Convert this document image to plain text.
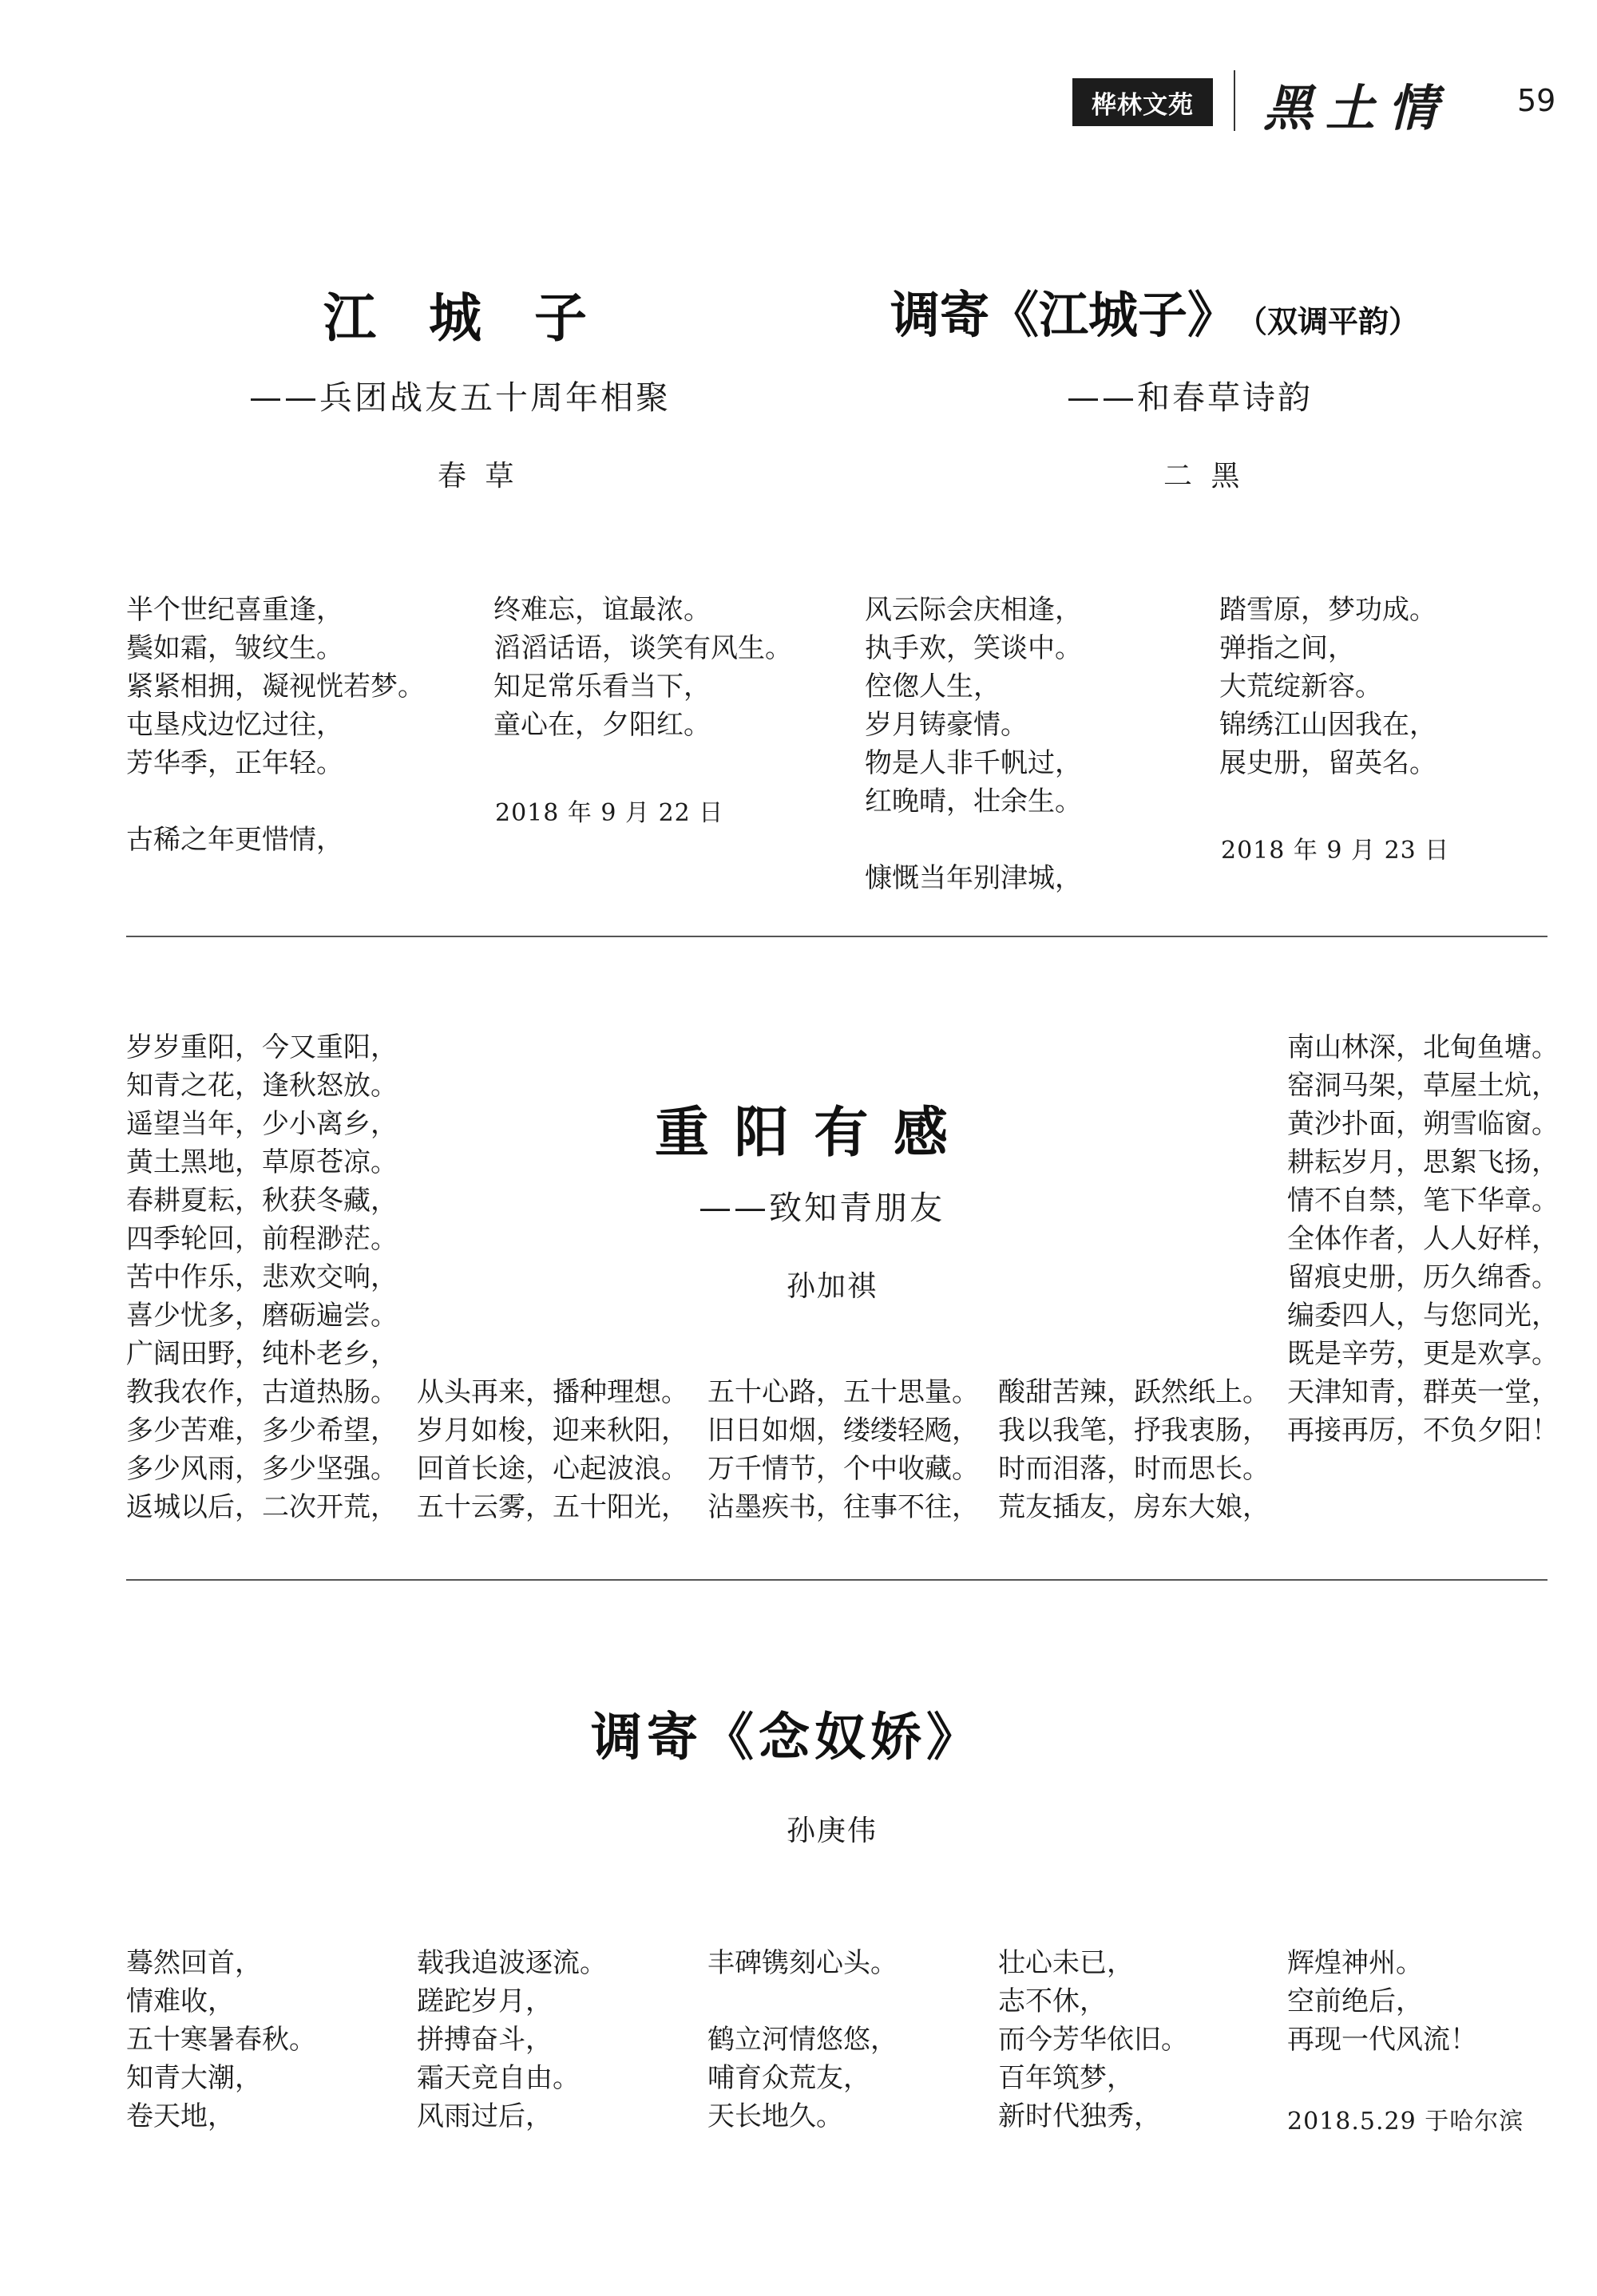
桦林文苑	黑土情 59
江　城　子
——兵团战友五十周年相聚
春 草
半个世纪喜重逢，
鬓如霜，皱纹生。
紧紧相拥，凝视恍若梦。
屯垦戍边忆过往，
芳华季，正年轻。
古稀之年更惜情，
终难忘，谊最浓。
滔滔话语，谈笑有风生。
知足常乐看当下，
童心在，夕阳红。
2018 年 9 月 22 日
调寄《江城子》 （双调平韵）
——和春草诗韵
二 黑
风云际会庆相逢，
执手欢，笑谈中。
倥偬人生，
岁月铸豪情。
物是人非千帆过，
红晚晴，壮余生。
慷慨当年别津城，
踏雪原，梦功成。
弹指之间，
大荒绽新容。
锦绣江山因我在，
展史册，留英名。
2018 年 9 月 23 日
重 阳 有 感
——致知青朋友
孙加祺
岁岁重阳，今又重阳，
知青之花，逢秋怒放。
遥望当年，少小离乡，
黄土黑地，草原苍凉。
春耕夏耘，秋获冬藏，
四季轮回，前程渺茫。
苦中作乐，悲欢交响，
喜少忧多，磨砺遍尝。
广阔田野，纯朴老乡，
教我农作，古道热肠。
多少苦难，多少希望，
多少风雨，多少坚强。
返城以后，二次开荒，
从头再来，播种理想。
岁月如梭，迎来秋阳，
回首长途，心起波浪。
五十云雾，五十阳光，
五十心路，五十思量。
旧日如烟，缕缕轻飏，
万千情节，个中收藏。
沾墨疾书，往事不往，
酸甜苦辣，跃然纸上。
我以我笔，抒我衷肠，
时而泪落，时而思长。
荒友插友，房东大娘，
南山林深，北甸鱼塘。
窑洞马架，草屋土炕，
黄沙扑面，朔雪临窗。
耕耘岁月，思絮飞扬，
情不自禁，笔下华章。
全体作者，人人好样，
留痕史册，历久绵香。
编委四人，与您同光，
既是辛劳，更是欢享。
天津知青，群英一堂，
再接再厉，不负夕阳！
调寄《念奴娇》
孙庚伟
蓦然回首，
情难收，
五十寒暑春秋。
知青大潮，
卷天地，
载我追波逐流。
蹉跎岁月，
拼搏奋斗，
霜天竞自由。
风雨过后，
丰碑镌刻心头。
鹤立河情悠悠，
哺育众荒友，
天长地久。
壮心未已，
志不休，
而今芳华依旧。
百年筑梦，
新时代独秀，
辉煌神州。
空前绝后，
再现一代风流！
2018.5.29 于哈尔滨
